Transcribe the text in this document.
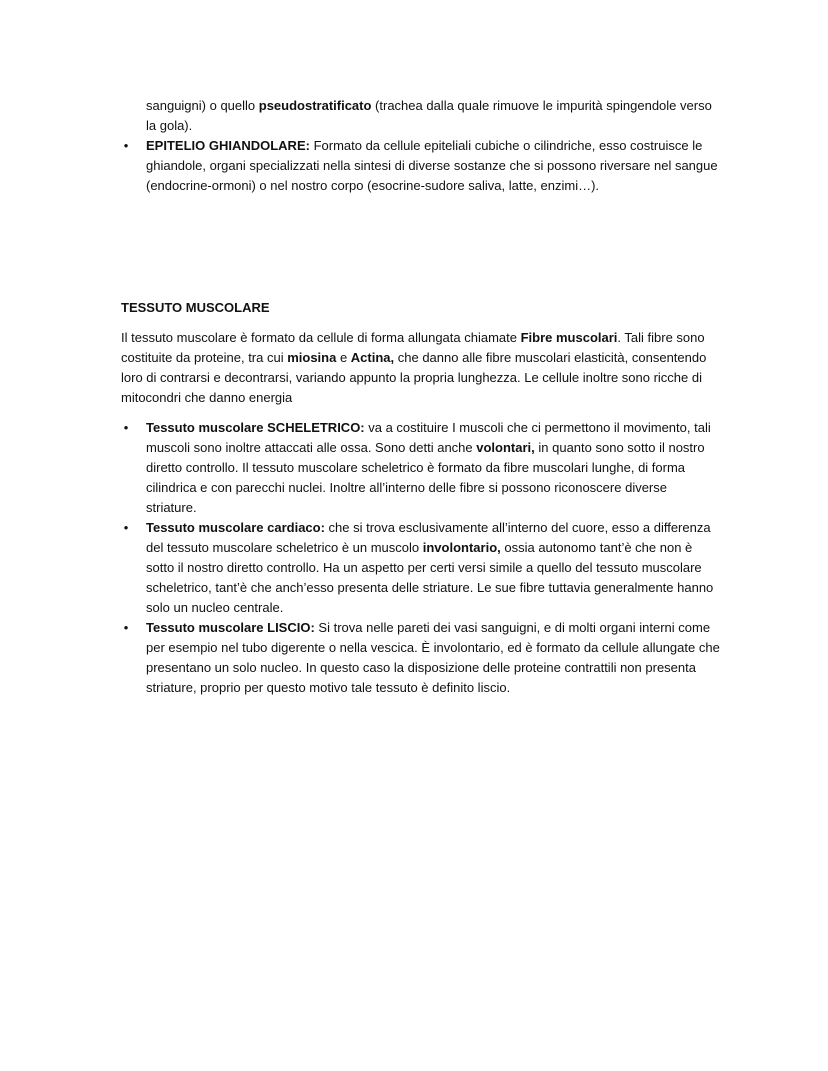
sanguigni) o quello pseudostratificato (trachea dalla quale rimuove le impurità spingendole verso la gola).
• EPITELIO GHIANDOLARE: Formato da cellule epiteliali cubiche o cilindriche, esso costruisce le ghiandole, organi specializzati nella sintesi di diverse sostanze che si possono riversare nel sangue (endocrine-ormoni) o nel nostro corpo (esocrine-sudore saliva, latte, enzimi…).
TESSUTO MUSCOLARE

Il tessuto muscolare è formato da cellule di forma allungata chiamate Fibre muscolari. Tali fibre sono costituite da proteine, tra cui miosina e Actina, che danno alle fibre muscolari elasticità, consentendo loro di contrarsi e decontrarsi, variando appunto la propria lunghezza. Le cellule inoltre sono ricche di mitocondri che danno energia

• Tessuto muscolare SCHELETRICO: va a costituire I muscoli che ci permettono il movimento, tali muscoli sono inoltre attaccati alle ossa. Sono detti anche volontari, in quanto sono sotto il nostro diretto controllo. Il tessuto muscolare scheletrico è formato da fibre muscolari lunghe, di forma cilindrica e con parecchi nuclei. Inoltre all’interno delle fibre si possono riconoscere diverse striature.
• Tessuto muscolare cardiaco: che si trova esclusivamente all’interno del cuore, esso a differenza del tessuto muscolare scheletrico è un muscolo involontario, ossia autonomo tant’è che non è sotto il nostro diretto controllo. Ha un aspetto per certi versi simile a quello del tessuto muscolare scheletrico, tant’è che anch’esso presenta delle striature. Le sue fibre tuttavia generalmente hanno solo un nucleo centrale.
• Tessuto muscolare LISCIO: Si trova nelle pareti dei vasi sanguigni, e di molti organi interni come per esempio nel tubo digerente o nella vescica. È involontario, ed è formato da cellule allungate che presentano un solo nucleo. In questo caso la disposizione delle proteine contrattili non presenta striature, proprio per questo motivo tale tessuto è definito liscio.
